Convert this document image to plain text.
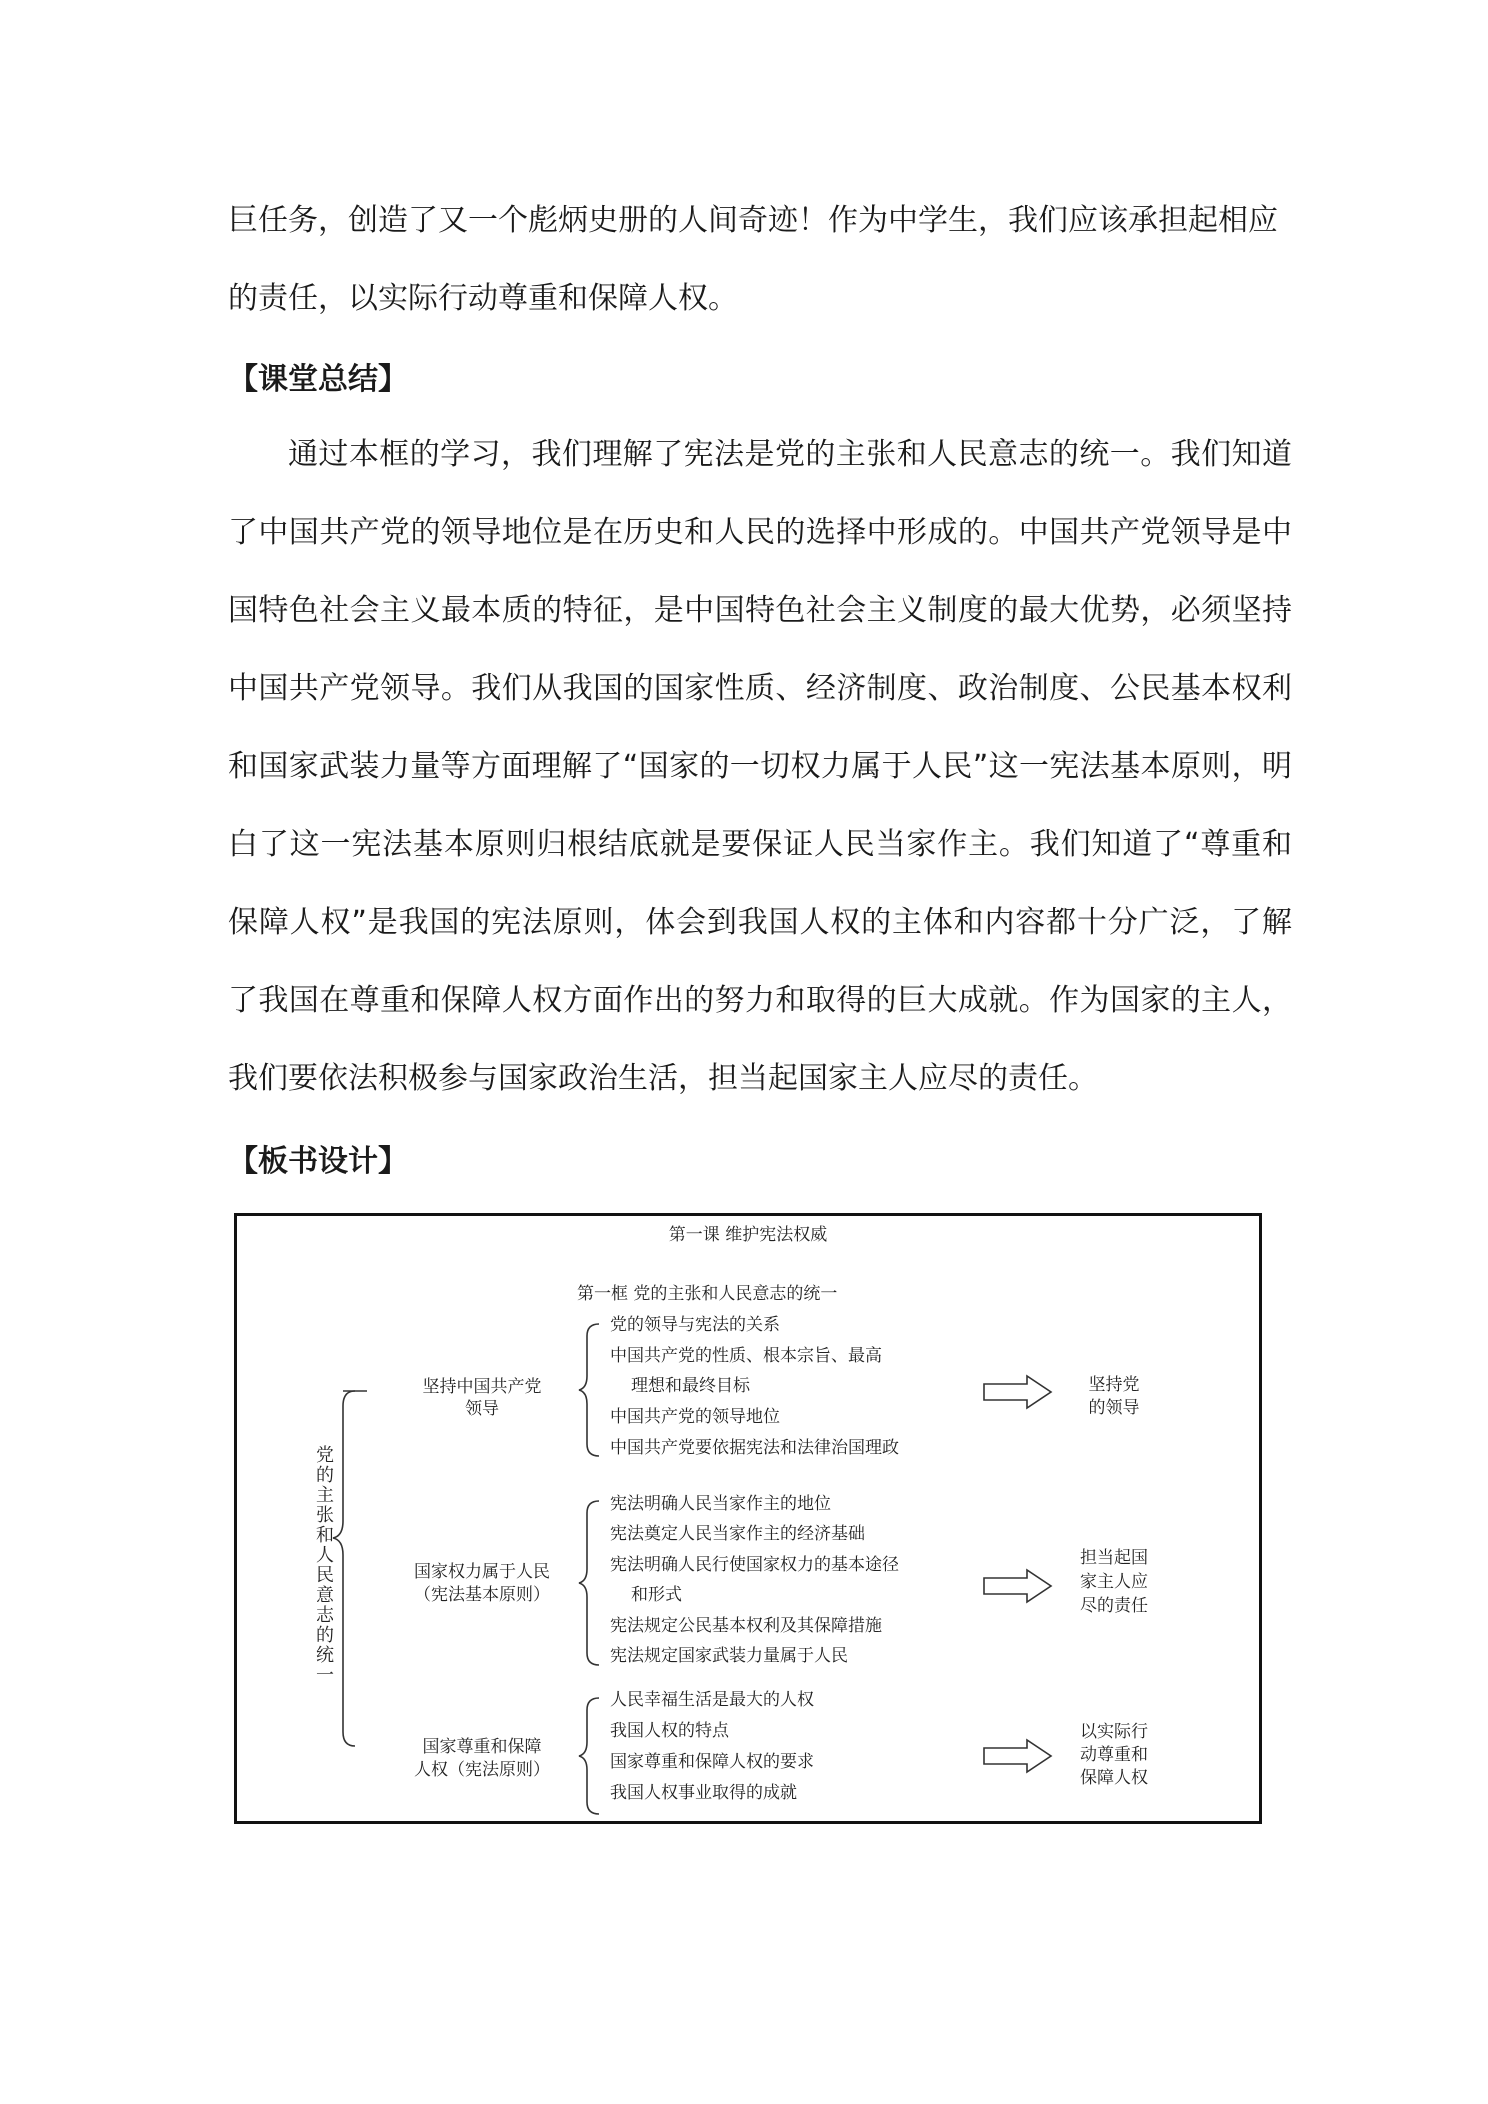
巨任务，创造了又一个彪炳史册的人间奇迹！作为中学生，我们应该承担起相应

的责任，以实际行动尊重和保障人权。

【课堂总结】

通过本框的学习，我们理解了宪法是党的主张和人民意志的统一。我们知道了中国共产党的领导地位是在历史和人民的选择中形成的。中国共产党领导是中国特色社会主义最本质的特征，是中国特色社会主义制度的最大优势，必须坚持中国共产党领导。我们从我国的国家性质、经济制度、政治制度、公民基本权利和国家武装力量等方面理解了“国家的一切权力属于人民”这一宪法基本原则，明白了这一宪法基本原则归根结底就是要保证人民当家作主。我们知道了“尊重和保障人权”是我国的宪法原则，体会到我国人权的主体和内容都十分广泛，了解了我国在尊重和保障人权方面作出的努力和取得的巨大成就。作为国家的主人，我们要依法积极参与国家政治生活，担当起国家主人应尽的责任。

【板书设计】
第一课 维护宪法权威
第一框 党的主张和人民意志的统一
党的主张和人民意志的统一
坚持中国共产党
领导
党的领导与宪法的关系
中国共产党的性质、根本宗旨、最高
理想和最终目标
中国共产党的领导地位
中国共产党要依据宪法和法律治国理政
坚持党
的领导
国家权力属于人民
（宪法基本原则）
宪法明确人民当家作主的地位
宪法奠定人民当家作主的经济基础
宪法明确人民行使国家权力的基本途径
和形式
宪法规定公民基本权利及其保障措施
宪法规定国家武装力量属于人民
担当起国
家主人应
尽的责任
国家尊重和保障
人权（宪法原则）
人民幸福生活是最大的人权
我国人权的特点
国家尊重和保障人权的要求
我国人权事业取得的成就
以实际行
动尊重和
保障人权
